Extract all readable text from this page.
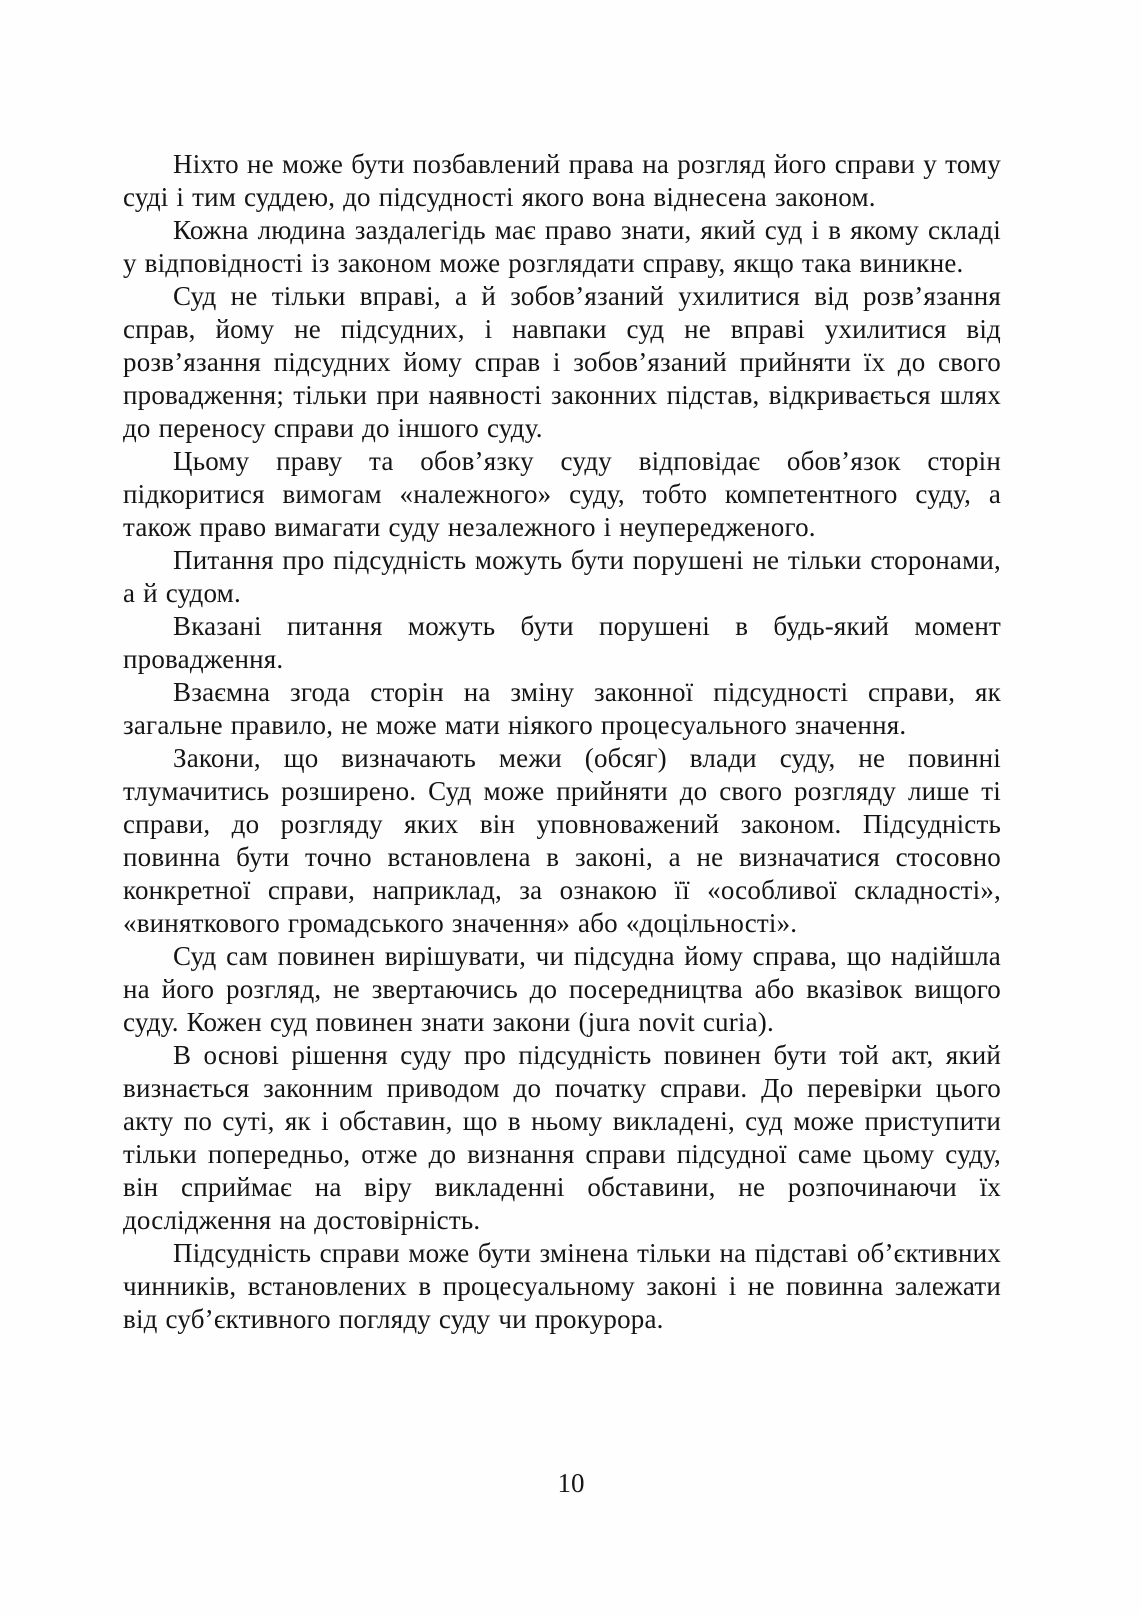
Ніхто не може бути позбавлений права на розгляд його справи у тому суді і тим суддею, до підсудності якого вона віднесена законом.

Кожна людина заздалегідь має право знати, який суд і в якому складі у відповідності із законом може розглядати справу, якщо така виникне.

Суд не тільки вправі, а й зобов’язаний ухилитися від розв’язання справ, йому не підсудних, і навпаки суд не вправі ухилитися від розв’язання підсудних йому справ і зобов’язаний прийняти їх до свого провадження; тільки при наявності законних підстав, відкривається шлях до переносу справи до іншого суду.

Цьому праву та обов’язку суду відповідає обов’язок сторін підкоритися вимогам «належного» суду, тобто компетентного суду, а також право вимагати суду незалежного і неупередженого.

Питання про підсудність можуть бути порушені не тільки сторонами, а й судом.

Вказані питання можуть бути порушені в будь-який момент провадження.

Взаємна згода сторін на зміну законної підсудності справи, як загальне правило, не може мати ніякого процесуального значення.

Закони, що визначають межи (обсяг) влади суду, не повинні тлумачитись розширено. Суд може прийняти до свого розгляду лише ті справи, до розгляду яких він уповноважений законом. Підсудність повинна бути точно встановлена в законі, а не визначатися стосовно конкретної справи, наприклад, за ознакою її «особливої складності», «виняткового громадського значення» або «доцільності».

Суд сам повинен вирішувати, чи підсудна йому справа, що надійшла на його розгляд, не звертаючись до посередництва або вказівок вищого суду. Кожен суд повинен знати закони (jura novit curia).

В основі рішення суду про підсудність повинен бути той акт, який визнається законним приводом до початку справи. До перевірки цього акту по суті, як і обставин, що в ньому викладені, суд може приступити тільки попередньо, отже до визнання справи підсудної саме цьому суду, він сприймає на віру викладенні обставини, не розпочинаючи їх дослідження на достовірність.

Підсудність справи може бути змінена тільки на підставі об’єктивних чинників, встановлених в процесуальному законі і не повинна залежати від суб’єктивного погляду суду чи прокурора.

10
